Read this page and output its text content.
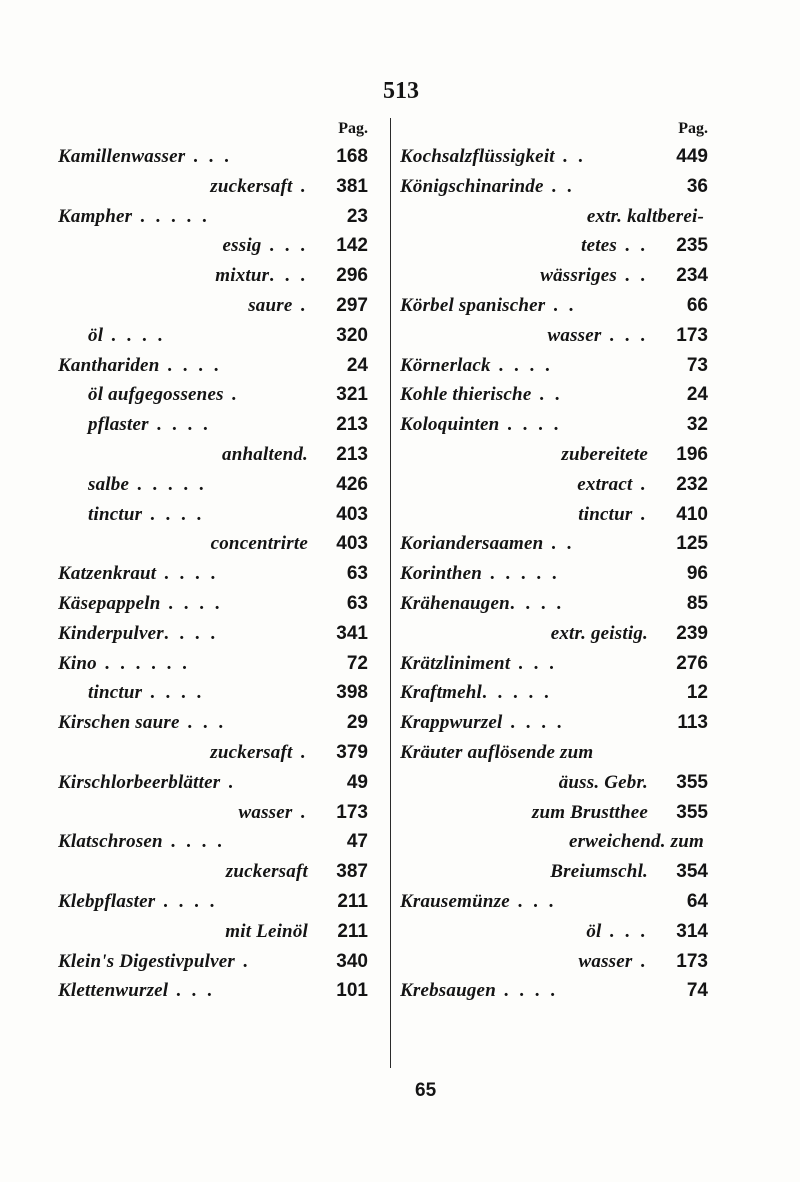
513
Pag.
Kamillenwasser . . .	168
zuckersaft .	381
Kampher . . . . .	23
essig . . .	142
mixtur. . .	296
saure .	297
öl . . . .	320
Kanthariden . . . .	24
öl aufgegossenes .	321
pflaster . . . .	213
anhaltend.	213
salbe . . . . .	426
tinctur . . . .	403
concentrirte	403
Katzenkraut . . . .	63
Käsepappeln . . . .	63
Kinderpulver. . . .	341
Kino . . . . . .	72
tinctur . . . .	398
Kirschen saure . . .	29
zuckersaft .	379
Kirschlorbeerblätter .	49
wasser .	173
Klatschrosen . . . .	47
zuckersaft	387
Klebpflaster . . . .	211
mit Leinöl	211
Klein's Digestivpulver .	340
Klettenwurzel . . .	101
Pag.
Kochsalzflüssigkeit . .	449
Königschinarinde . .	36
extr. kaltberei-
tetes . .	235
wässriges . .	234
Körbel spanischer . .	66
wasser . . .	173
Körnerlack . . . .	73
Kohle thierische . .	24
Koloquinten . . . .	32
zubereitete	196
extract .	232
tinctur .	410
Koriandersaamen . .	125
Korinthen . . . . .	96
Krähenaugen. . . .	85
extr. geistig.	239
Krätzliniment . . .	276
Kraftmehl. . . . .	12
Krappwurzel . . . .	113
Kräuter auflösende zum
äuss. Gebr.	355
zum Brustthee	355
erweichend. zum
Breiumschl.	354
Krausemünze . . .	64
öl . . .	314
wasser .	173
Krebsaugen . . . .	74
65
